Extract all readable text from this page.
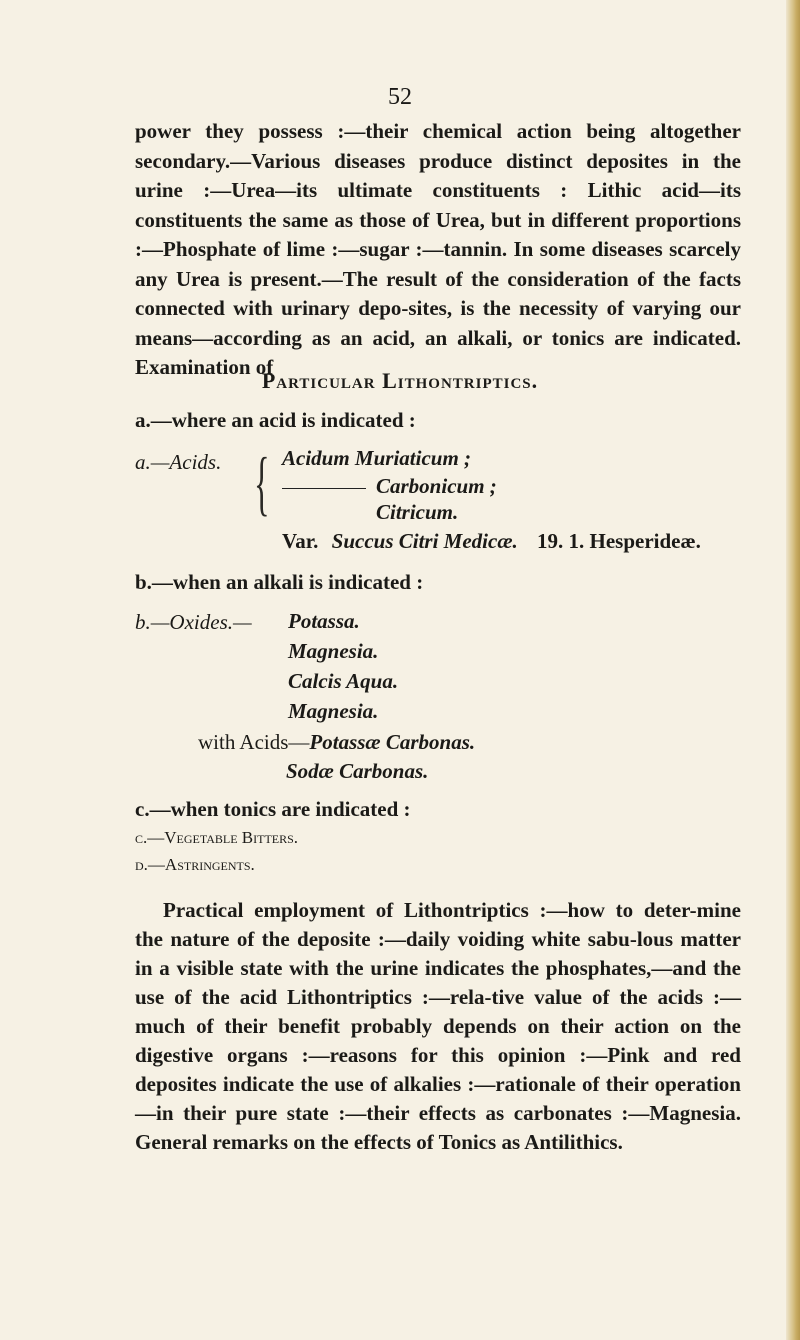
52

power they possess :—their chemical action being altogether secondary.—Various diseases produce distinct deposites in the urine :—Urea—its ultimate constituents : Lithic acid—its constituents the same as those of Urea, but in different proportions :—Phosphate of lime :—sugar :—tannin. In some diseases scarcely any Urea is present.—The result of the consideration of the facts connected with urinary depo-sites, is the necessity of varying our means—according as an acid, an alkali, or tonics are indicated. Examination of

Particular Lithontriptics.
a.—where an acid is indicated :
a.—Acids. { Acidum Muriaticum ;
Carbonicum ;
Citricum.
Var. Succus Citri Medicæ. 19. 1. Hesperideæ.
b.—when an alkali is indicated :
b.—Oxides.— Potassa.
Magnesia.
Calcis Aqua.
Magnesia.
with Acids—Potassæ Carbonas.
Sodæ Carbonas.
c.—when tonics are indicated :
c.—Vegetable Bitters.
d.—Astringents.

Practical employment of Lithontriptics :—how to deter-mine the nature of the deposite :—daily voiding white sabu-lous matter in a visible state with the urine indicates the phosphates,—and the use of the acid Lithontriptics :—rela-tive value of the acids :—much of their benefit probably depends on their action on the digestive organs :—reasons for this opinion :—Pink and red deposites indicate the use of alkalies :—rationale of their operation—in their pure state :—their effects as carbonates :—Magnesia. General remarks on the effects of Tonics as Antilithics.
